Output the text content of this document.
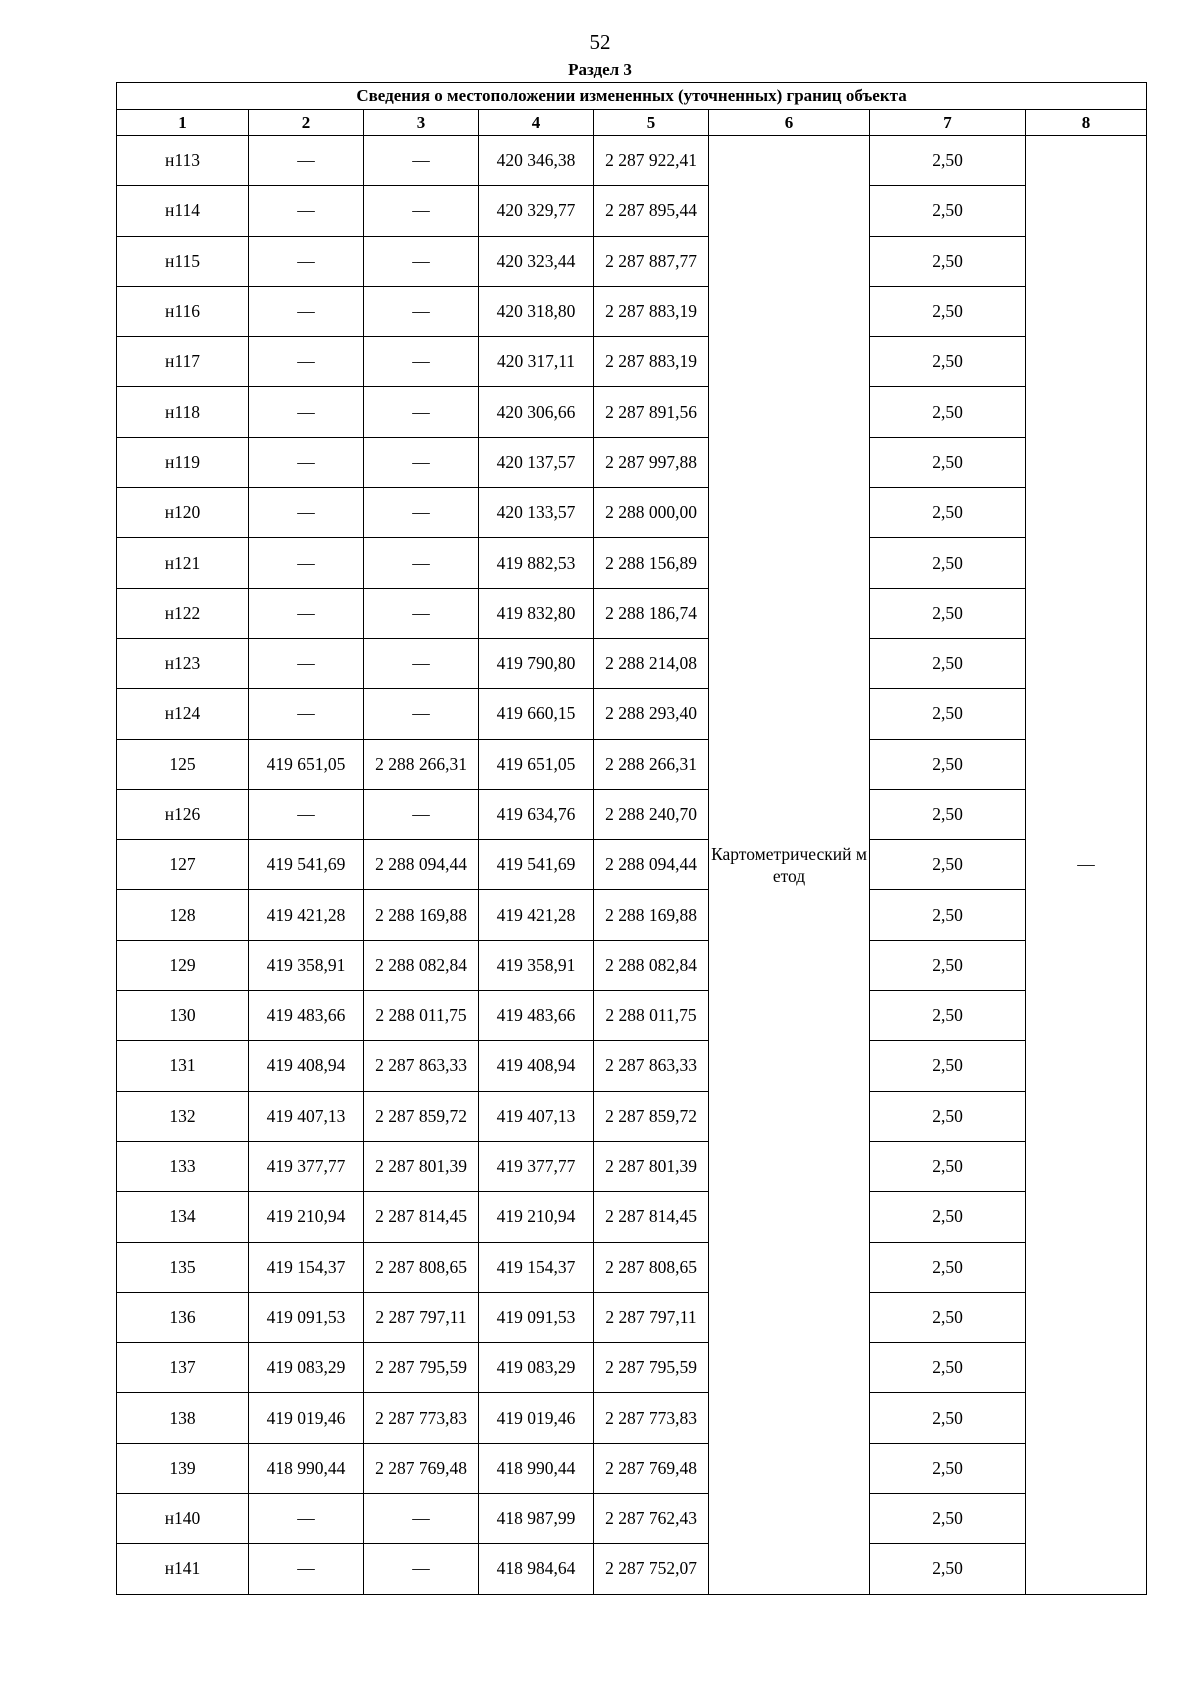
52
Раздел 3
Сведения о местоположении измененных (уточненных) границ объекта							
1	2	3	4	5	6	7	8
н113	—	—	420 346,38	2 287 922,41	Картометрический метод	2,50	—
н114	—	—	420 329,77	2 287 895,44		2,50	
н115	—	—	420 323,44	2 287 887,77		2,50	
н116	—	—	420 318,80	2 287 883,19		2,50	
н117	—	—	420 317,11	2 287 883,19		2,50	
н118	—	—	420 306,66	2 287 891,56		2,50	
н119	—	—	420 137,57	2 287 997,88		2,50	
н120	—	—	420 133,57	2 288 000,00		2,50	
н121	—	—	419 882,53	2 288 156,89		2,50	
н122	—	—	419 832,80	2 288 186,74		2,50	
н123	—	—	419 790,80	2 288 214,08		2,50	
н124	—	—	419 660,15	2 288 293,40		2,50	
125	419 651,05	2 288 266,31	419 651,05	2 288 266,31		2,50	
н126	—	—	419 634,76	2 288 240,70		2,50	
127	419 541,69	2 288 094,44	419 541,69	2 288 094,44		2,50	
128	419 421,28	2 288 169,88	419 421,28	2 288 169,88		2,50	
129	419 358,91	2 288 082,84	419 358,91	2 288 082,84		2,50	
130	419 483,66	2 288 011,75	419 483,66	2 288 011,75		2,50	
131	419 408,94	2 287 863,33	419 408,94	2 287 863,33		2,50	
132	419 407,13	2 287 859,72	419 407,13	2 287 859,72		2,50	
133	419 377,77	2 287 801,39	419 377,77	2 287 801,39		2,50	
134	419 210,94	2 287 814,45	419 210,94	2 287 814,45		2,50	
135	419 154,37	2 287 808,65	419 154,37	2 287 808,65		2,50	
136	419 091,53	2 287 797,11	419 091,53	2 287 797,11		2,50	
137	419 083,29	2 287 795,59	419 083,29	2 287 795,59		2,50	
138	419 019,46	2 287 773,83	419 019,46	2 287 773,83		2,50	
139	418 990,44	2 287 769,48	418 990,44	2 287 769,48		2,50	
н140	—	—	418 987,99	2 287 762,43		2,50	
н141	—	—	418 984,64	2 287 752,07		2,50	
